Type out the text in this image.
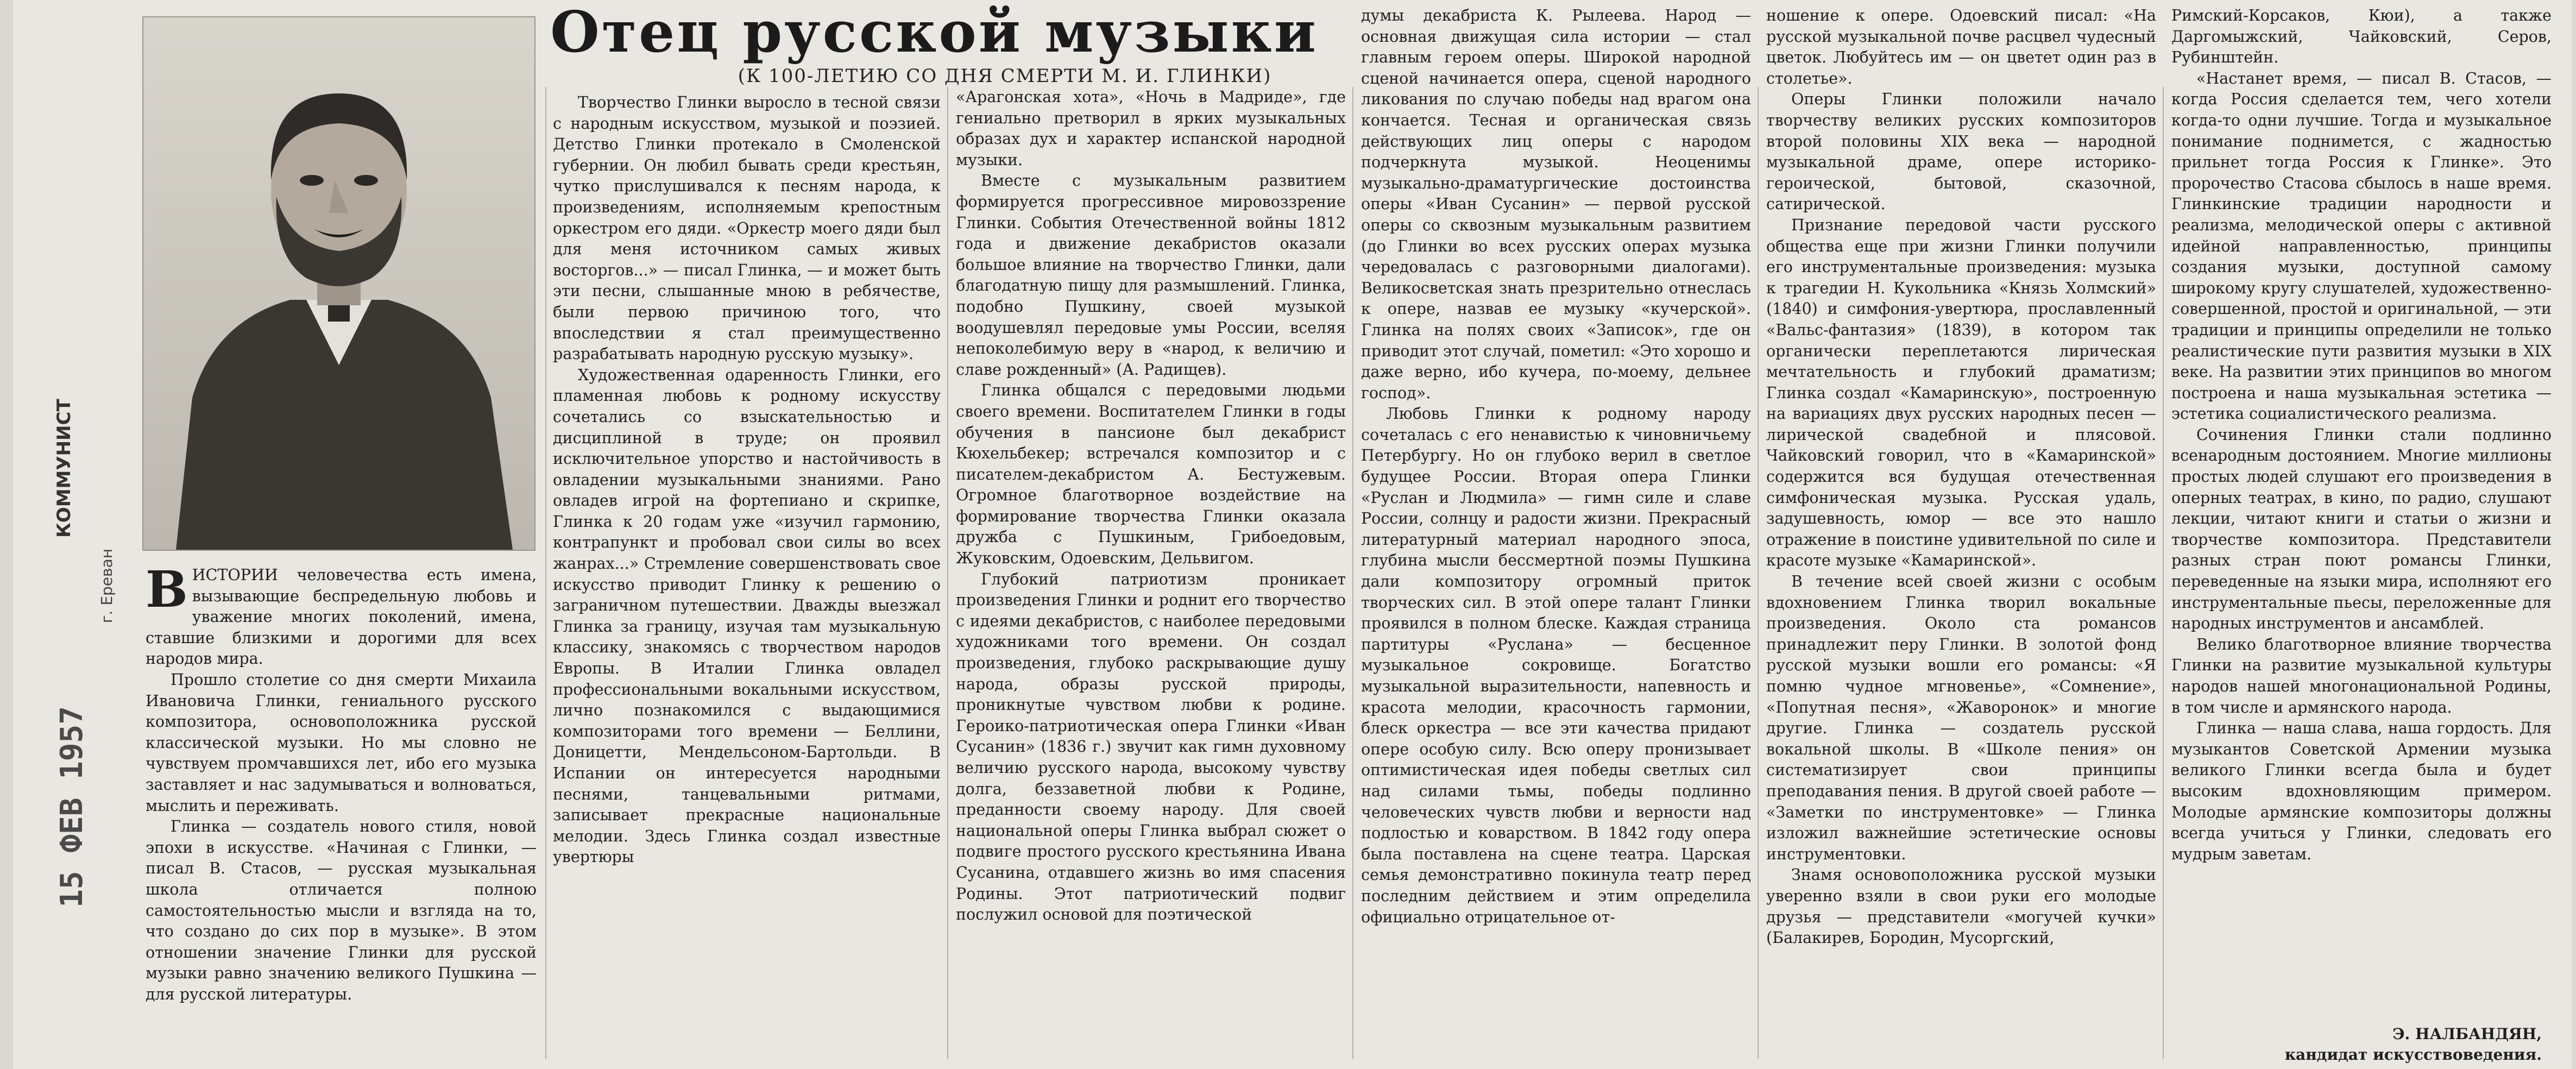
КОММУНИСТ
г. Ереван
15 ФЕВ 1957
Отец русской музыки
(К 100-ЛЕТИЮ СО ДНЯ СМЕРТИ М. И. ГЛИНКИ)
В ИСТОРИИ человечества есть имена, вызывающие беспредельную любовь и уважение многих поколений, имена, ставшие близкими и дорогими для всех народов мира.

Прошло столетие со дня смерти Михаила Ивановича Глинки, гениального русского композитора, основоположника русской классической музыки. Но мы словно не чувствуем промчавшихся лет, ибо его музыка заставляет и нас задумываться и волноваться, мыслить и переживать.

Глинка — создатель нового стиля, новой эпохи в искусстве. «Начиная с Глинки, — писал В. Стасов, — русская музыкальная школа отличается полною самостоятельностью мысли и взгляда на то, что создано до сих пор в музыке». В этом отношении значение Глинки для русской музыки равно значению великого Пушкина — для русской литературы.

Творчество Глинки выросло в тесной связи с народным искусством, музыкой и поэзией. Детство Глинки протекало в Смоленской губернии. Он любил бывать среди крестьян, чутко прислушивался к песням народа, к произведениям, исполняемым крепостным оркестром его дяди. «Оркестр моего дяди был для меня источником самых живых восторгов...» — писал Глинка, — и может быть эти песни, слышанные мною в ребячестве, были первою причиною того, что впоследствии я стал преимущественно разрабатывать народную русскую музыку».

Художественная одаренность Глинки, его пламенная любовь к родному искусству сочетались со взыскательностью и дисциплиной в труде; он проявил исключительное упорство и настойчивость в овладении музыкальными знаниями. Рано овладев игрой на фортепиано и скрипке, Глинка к 20 годам уже «изучил гармонию, контрапункт и пробовал свои силы во всех жанрах...» Стремление совершенствовать свое искусство приводит Глинку к решению о заграничном путешествии. Дважды выезжал Глинка за границу, изучая там музыкальную классику, знакомясь с творчеством народов Европы. В Италии Глинка овладел профессиональными вокальными искусством, лично познакомился с выдающимися композиторами того времени — Беллини, Доницетти, Мендельсоном-Бартольди. В Испании он интересуется народными песнями, танцевальными ритмами, записывает прекрасные национальные мелодии. Здесь Глинка создал известные увертюры

«Арагонская хота», «Ночь в Мадриде», где гениально претворил в ярких музыкальных образах дух и характер испанской народной музыки.

Вместе с музыкальным развитием формируется прогрессивное мировоззрение Глинки. События Отечественной войны 1812 года и движение декабристов оказали большое влияние на творчество Глинки, дали благодатную пищу для размышлений. Глинка, подобно Пушкину, своей музыкой воодушевлял передовые умы России, вселяя непоколебимую веру в «народ, к величию и славе рожденный» (А. Радищев).

Глинка общался с передовыми людьми своего времени. Воспитателем Глинки в годы обучения в пансионе был декабрист Кюхельбекер; встречался композитор и с писателем-декабристом А. Бестужевым. Огромное благотворное воздействие на формирование творчества Глинки оказала дружба с Пушкиным, Грибоедовым, Жуковским, Одоевским, Дельвигом.

Глубокий патриотизм проникает произведения Глинки и роднит его творчество с идеями декабристов, с наиболее передовыми художниками того времени. Он создал произведения, глубоко раскрывающие душу народа, образы русской природы, проникнутые чувством любви к родине. Героико-патриотическая опера Глинки «Иван Сусанин» (1836 г.) звучит как гимн духовному величию русского народа, высокому чувству долга, беззаветной любви к Родине, преданности своему народу. Для своей национальной оперы Глинка выбрал сюжет о подвиге простого русского крестьянина Ивана Сусанина, отдавшего жизнь во имя спасения Родины. Этот патриотический подвиг послужил основой для поэтической

думы декабриста К. Рылеева. Народ — основная движущая сила истории — стал главным героем оперы. Широкой народной сценой начинается опера, сценой народного ликования по случаю победы над врагом она кончается. Тесная и органическая связь действующих лиц оперы с народом подчеркнута музыкой. Неоценимы музыкально-драматургические достоинства оперы «Иван Сусанин» — первой русской оперы со сквозным музыкальным развитием (до Глинки во всех русских операх музыка чередовалась с разговорными диалогами). Великосветская знать презрительно отнеслась к опере, назвав ее музыку «кучерской». Глинка на полях своих «Записок», где он приводит этот случай, пометил: «Это хорошо и даже верно, ибо кучера, по-моему, дельнее господ».

Любовь Глинки к родному народу сочеталась с его ненавистью к чиновничьему Петербургу. Но он глубоко верил в светлое будущее России. Вторая опера Глинки «Руслан и Людмила» — гимн силе и славе России, солнцу и радости жизни. Прекрасный литературный материал народного эпоса, глубина мысли бессмертной поэмы Пушкина дали композитору огромный приток творческих сил. В этой опере талант Глинки проявился в полном блеске. Каждая страница партитуры «Руслана» — бесценное музыкальное сокровище. Богатство музыкальной выразительности, напевность и красота мелодии, красочность гармонии, блеск оркестра — все эти качества придают опере особую силу. Всю оперу пронизывает оптимистическая идея победы светлых сил над силами тьмы, победы подлинно человеческих чувств любви и верности над подлостью и коварством. В 1842 году опера была поставлена на сцене театра. Царская семья демонстративно покинула театр перед последним действием и этим определила официально отрицательное от-

ношение к опере. Одоевский писал: «На русской музыкальной почве расцвел чудесный цветок. Любуйтесь им — он цветет один раз в столетье».

Оперы Глинки положили начало творчеству великих русских композиторов второй половины XIX века — народной музыкальной драме, опере историко-героической, бытовой, сказочной, сатирической.

Признание передовой части русского общества еще при жизни Глинки получили его инструментальные произведения: музыка к трагедии Н. Кукольника «Князь Холмский» (1840) и симфония-увертюра, прославленный «Вальс-фантазия» (1839), в котором так органически переплетаются лирическая мечтательность и глубокий драматизм; Глинка создал «Камаринскую», построенную на вариациях двух русских народных песен — лирической свадебной и плясовой. Чайковский говорил, что в «Камаринской» содержится вся будущая отечественная симфоническая музыка. Русская удаль, задушевность, юмор — все это нашло отражение в поистине удивительной по силе и красоте музыке «Камаринской».

В течение всей своей жизни с особым вдохновением Глинка творил вокальные произведения. Около ста романсов принадлежит перу Глинки. В золотой фонд русской музыки вошли его романсы: «Я помню чудное мгновенье», «Сомнение», «Попутная песня», «Жаворонок» и многие другие. Глинка — создатель русской вокальной школы. В «Школе пения» он систематизирует свои принципы преподавания пения. В другой своей работе — «Заметки по инструментовке» — Глинка изложил важнейшие эстетические основы инструментовки.

Знамя основоположника русской музыки уверенно взяли в свои руки его молодые друзья — представители «могучей кучки» (Балакирев, Бородин, Мусоргский,

Римский-Корсаков, Кюи), а также Даргомыжский, Чайковский, Серов, Рубинштейн.

«Настанет время, — писал В. Стасов, — когда Россия сделается тем, чего хотели когда-то одни лучшие. Тогда и музыкальное понимание поднимется, с жадностью прильнет тогда Россия к Глинке». Это пророчество Стасова сбылось в наше время. Глинкинские традиции народности и реализма, мелодической оперы с активной идейной направленностью, принципы создания музыки, доступной самому широкому кругу слушателей, художественно-совершенной, простой и оригинальной, — эти традиции и принципы определили не только реалистические пути развития музыки в XIX веке. На развитии этих принципов во многом построена и наша музыкальная эстетика — эстетика социалистического реализма.

Сочинения Глинки стали подлинно всенародным достоянием. Многие миллионы простых людей слушают его произведения в оперных театрах, в кино, по радио, слушают лекции, читают книги и статьи о жизни и творчестве композитора. Представители разных стран поют романсы Глинки, переведенные на языки мира, исполняют его инструментальные пьесы, переложенные для народных инструментов и ансамблей.

Велико благотворное влияние творчества Глинки на развитие музыкальной культуры народов нашей многонациональной Родины, в том числе и армянского народа.

Глинка — наша слава, наша гордость. Для музыкантов Советской Армении музыка великого Глинки всегда была и будет высоким вдохновляющим примером. Молодые армянские композиторы должны всегда учиться у Глинки, следовать его мудрым заветам.

Э. НАЛБАНДЯН,
кандидат искусствоведения.
